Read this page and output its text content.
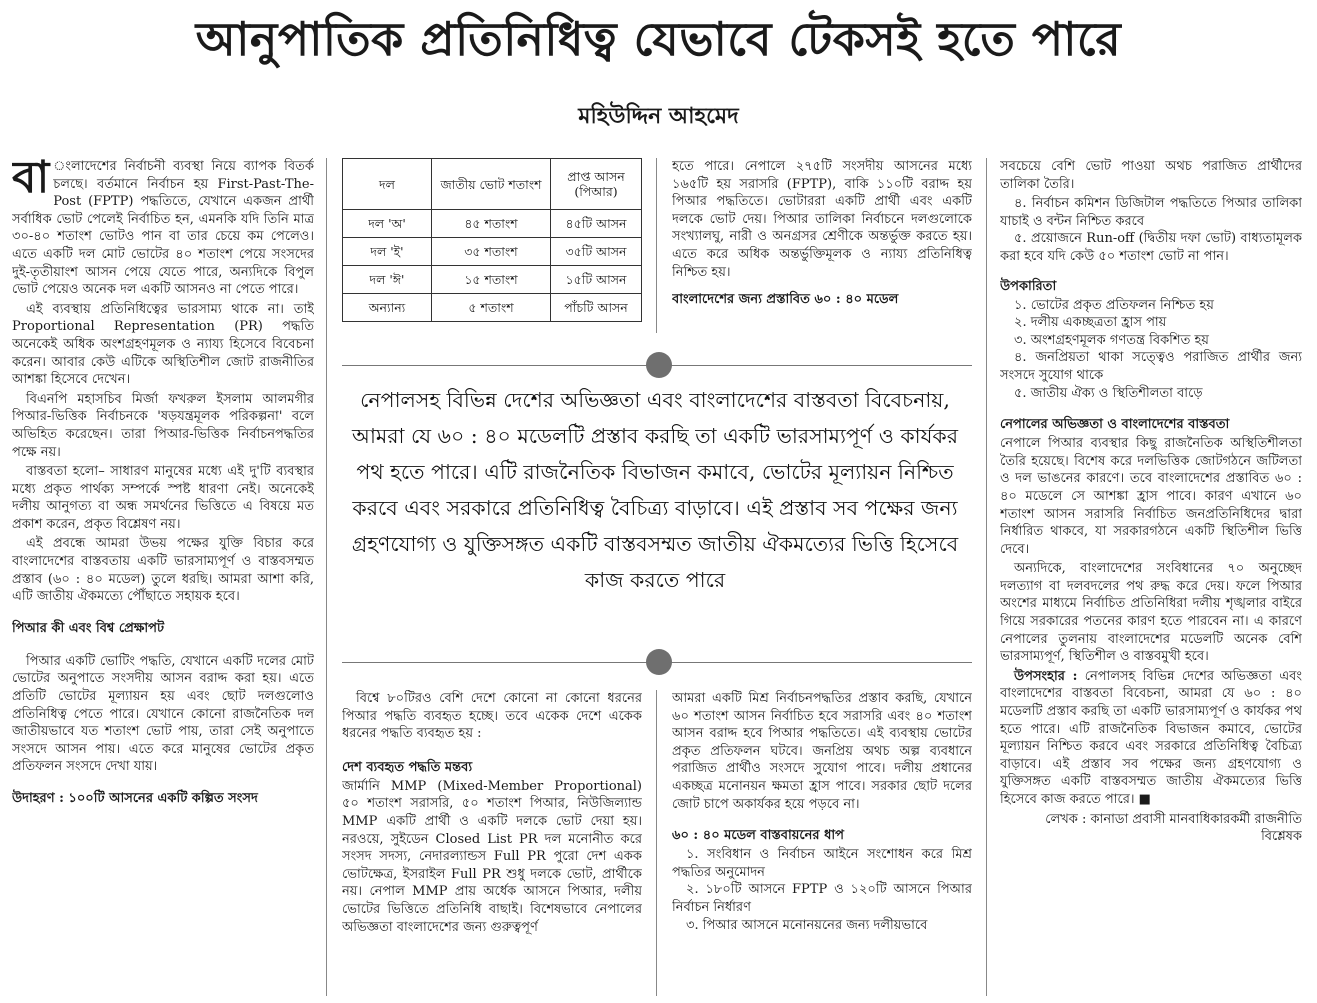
আনুপাতিক প্রতিনিধিত্ব যেভাবে টেকসই হতে পারে
মহিউদ্দিন আহমেদ

বা ংলাদেশের নির্বাচনী ব্যবস্থা নিয়ে ব্যাপক বিতর্ক চলছে। বর্তমানে নির্বাচন হয় First-Past-The-Post (FPTP) পদ্ধতিতে, যেখানে একজন প্রার্থী সর্বাধিক ভোট পেলেই নির্বাচিত হন, এমনকি যদি তিনি মাত্র ৩০-৪০ শতাংশ ভোটও পান বা তার চেয়ে কম পেলেও। এতে একটি দল মোট ভোটের ৪০ শতাংশ পেয়ে সংসদের দুই-তৃতীয়াংশ আসন পেয়ে যেতে পারে, অন্যদিকে বিপুল ভোট পেয়েও অনেক দল একটি আসনও না পেতে পারে।

এই ব্যবস্থায় প্রতিনিধিত্বের ভারসাম্য থাকে না। তাই Proportional Representation (PR) পদ্ধতি অনেকেই অধিক অংশগ্রহণমূলক ও ন্যায্য হিসেবে বিবেচনা করেন। আবার কেউ এটিকে অস্থিতিশীল জোট রাজনীতির আশঙ্কা হিসেবে দেখেন।

বিএনপি মহাসচিব মির্জা ফখরুল ইসলাম আলমগীর পিআর-ভিত্তিক নির্বাচনকে 'ষড়যন্ত্রমূলক পরিকল্পনা' বলে অভিহিত করেছেন। তারা পিআর-ভিত্তিক নির্বাচনপদ্ধতির পক্ষে নয়।

বাস্তবতা হলো– সাধারণ মানুষের মধ্যে এই দু'টি ব্যবস্থার মধ্যে প্রকৃত পার্থক্য সম্পর্কে স্পষ্ট ধারণা নেই। অনেকেই দলীয় আনুগত্য বা অন্ধ সমর্থনের ভিত্তিতে এ বিষয়ে মত প্রকাশ করেন, প্রকৃত বিশ্লেষণ নয়।

এই প্রবন্ধে আমরা উভয় পক্ষের যুক্তি বিচার করে বাংলাদেশের বাস্তবতায় একটি ভারসাম্যপূর্ণ ও বাস্তবসম্মত প্রস্তাব (৬০ : ৪০ মডেল) তুলে ধরছি। আমরা আশা করি, এটি জাতীয় ঐকমত্যে পৌঁছাতে সহায়ক হবে।

পিআর কী এবং বিশ্ব প্রেক্ষাপট

পিআর একটি ভোটিং পদ্ধতি, যেখানে একটি দলের মোট ভোটের অনুপাতে সংসদীয় আসন বরাদ্দ করা হয়। এতে প্রতিটি ভোটের মূল্যায়ন হয় এবং ছোট দলগুলোও প্রতিনিধিত্ব পেতে পারে। যেখানে কোনো রাজনৈতিক দল জাতীয়ভাবে যত শতাংশ ভোট পায়, তারা সেই অনুপাতে সংসদে আসন পায়। এতে করে মানুষের ভোটের প্রকৃত প্রতিফলন সংসদে দেখা যায়।

উদাহরণ : ১০০টি আসনের একটি কল্পিত সংসদ
দল	জাতীয় ভোট শতাংশ	প্রাপ্ত আসন (পিআর)
দল 'অ'	৪৫ শতাংশ	৪৫টি আসন
দল 'ই'	৩৫ শতাংশ	৩৫টি আসন
দল 'ঈ'	১৫ শতাংশ	১৫টি আসন
অন্যান্য	৫ শতাংশ	পাঁচটি আসন

হতে পারে। নেপালে ২৭৫টি সংসদীয় আসনের মধ্যে ১৬৫টি হয় সরাসরি (FPTP), বাকি ১১০টি বরাদ্দ হয় পিআর পদ্ধতিতে। ভোটাররা একটি প্রার্থী এবং একটি দলকে ভোট দেয়। পিআর তালিকা নির্বাচনে দলগুলোকে সংখ্যালঘু, নারী ও অনগ্রসর শ্রেণীকে অন্তর্ভুক্ত করতে হয়। এতে করে অধিক অন্তর্ভুক্তিমূলক ও ন্যায্য প্রতিনিধিত্ব নিশ্চিত হয়।

বাংলাদেশের জন্য প্রস্তাবিত ৬০ : ৪০ মডেল
নেপালসহ বিভিন্ন দেশের অভিজ্ঞতা এবং বাংলাদেশের বাস্তবতা বিবেচনায়, আমরা যে ৬০ : ৪০ মডেলটি প্রস্তাব করছি তা একটি ভারসাম্যপূর্ণ ও কার্যকর পথ হতে পারে। এটি রাজনৈতিক বিভাজন কমাবে, ভোটের মূল্যায়ন নিশ্চিত করবে এবং সরকারে প্রতিনিধিত্ব বৈচিত্র্য বাড়াবে। এই প্রস্তাব সব পক্ষের জন্য গ্রহণযোগ্য ও যুক্তিসঙ্গত একটি বাস্তবসম্মত জাতীয় ঐকমত্যের ভিত্তি হিসেবে কাজ করতে পারে

বিশ্বে ৮০টিরও বেশি দেশে কোনো না কোনো ধরনের পিআর পদ্ধতি ব্যবহৃত হচ্ছে। তবে একেক দেশে একেক ধরনের পদ্ধতি ব্যবহৃত হয় :

দেশ ব্যবহৃত পদ্ধতি মন্তব্য

জার্মানি MMP (Mixed-Member Proportional) ৫০ শতাংশ সরাসরি, ৫০ শতাংশ পিআর, নিউজিল্যান্ড MMP একটি প্রার্থী ও একটি দলকে ভোট দেয়া হয়। নরওয়ে, সুইডেন Closed List PR দল মনোনীত করে সংসদ সদস্য, নেদারল্যান্ডস Full PR পুরো দেশ একক ভোটক্ষেত্র, ইসরাইল Full PR শুধু দলকে ভোট, প্রার্থীকে নয়। নেপাল MMP প্রায় অর্ধেক আসনে পিআর, দলীয় ভোটের ভিত্তিতে প্রতিনিধি বাছাই। বিশেষভাবে নেপালের অভিজ্ঞতা বাংলাদেশের জন্য গুরুত্বপূর্ণ

আমরা একটি মিশ্র নির্বাচনপদ্ধতির প্রস্তাব করছি, যেখানে ৬০ শতাংশ আসন নির্বাচিত হবে সরাসরি এবং ৪০ শতাংশ আসন বরাদ্দ হবে পিআর পদ্ধতিতে। এই ব্যবস্থায় ভোটের প্রকৃত প্রতিফলন ঘটবে। জনপ্রিয় অথচ অল্প ব্যবধানে পরাজিত প্রার্থীও সংসদে সুযোগ পাবে। দলীয় প্রধানের একচ্ছত্র মনোনয়ন ক্ষমতা হ্রাস পাবে। সরকার ছোট দলের জোট চাপে অকার্যকর হয়ে পড়বে না।

৬০ : ৪০ মডেল বাস্তবায়নের ধাপ
১. সংবিধান ও নির্বাচন আইনে সংশোধন করে মিশ্র পদ্ধতির অনুমোদন
২. ১৮০টি আসনে FPTP ও ১২০টি আসনে পিআর নির্বাচন নির্ধারণ
৩. পিআর আসনে মনোনয়নের জন্য দলীয়ভাবে

সবচেয়ে বেশি ভোট পাওয়া অথচ পরাজিত প্রার্থীদের তালিকা তৈরি।

৪. নির্বাচন কমিশন ডিজিটাল পদ্ধতিতে পিআর তালিকা যাচাই ও বন্টন নিশ্চিত করবে
৫. প্রয়োজনে Run-off (দ্বিতীয় দফা ভোট) বাধ্যতামূলক করা হবে যদি কেউ ৫০ শতাংশ ভোট না পান।
উপকারিতা
১. ভোটের প্রকৃত প্রতিফলন নিশ্চিত হয়
২. দলীয় একচ্ছত্রতা হ্রাস পায়
৩. অংশগ্রহণমূলক গণতন্ত্র বিকশিত হয়
৪. জনপ্রিয়তা থাকা সত্ত্বেও পরাজিত প্রার্থীর জন্য সংসদে সুযোগ থাকে
৫. জাতীয় ঐক্য ও স্থিতিশীলতা বাড়ে
নেপালের অভিজ্ঞতা ও বাংলাদেশের বাস্তবতা

নেপালে পিআর ব্যবস্থার কিছু রাজনৈতিক অস্থিতিশীলতা তৈরি হয়েছে। বিশেষ করে দলভিত্তিক জোটগঠনে জটিলতা ও দল ভাঙনের কারণে। তবে বাংলাদেশের প্রস্তাবিত ৬০ : ৪০ মডেলে সে আশঙ্কা হ্রাস পাবে। কারণ এখানে ৬০ শতাংশ আসন সরাসরি নির্বাচিত জনপ্রতিনিধিদের দ্বারা নির্ধারিত থাকবে, যা সরকারগঠনে একটি স্থিতিশীল ভিত্তি দেবে।

অন্যদিকে, বাংলাদেশের সংবিধানের ৭০ অনুচ্ছেদ দলত্যাগ বা দলবদলের পথ রুদ্ধ করে দেয়। ফলে পিআর অংশের মাধ্যমে নির্বাচিত প্রতিনিধিরা দলীয় শৃঙ্খলার বাইরে গিয়ে সরকারের পতনের কারণ হতে পারবেন না। এ কারণে নেপালের তুলনায় বাংলাদেশের মডেলটি অনেক বেশি ভারসাম্যপূর্ণ, স্থিতিশীল ও বাস্তবমুখী হবে।

উপসংহার : নেপালসহ বিভিন্ন দেশের অভিজ্ঞতা এবং বাংলাদেশের বাস্তবতা বিবেচনা, আমরা যে ৬০ : ৪০ মডেলটি প্রস্তাব করছি তা একটি ভারসাম্যপূর্ণ ও কার্যকর পথ হতে পারে। এটি রাজনৈতিক বিভাজন কমাবে, ভোটের মূল্যায়ন নিশ্চিত করবে এবং সরকারে প্রতিনিধিত্ব বৈচিত্র্য বাড়াবে। এই প্রস্তাব সব পক্ষের জন্য গ্রহণযোগ্য ও যুক্তিসঙ্গত একটি বাস্তবসম্মত জাতীয় ঐকমত্যের ভিত্তি হিসেবে কাজ করতে পারে। ■

লেখক : কানাডা প্রবাসী মানবাধিকারকর্মী রাজনীতি বিশ্লেষক
